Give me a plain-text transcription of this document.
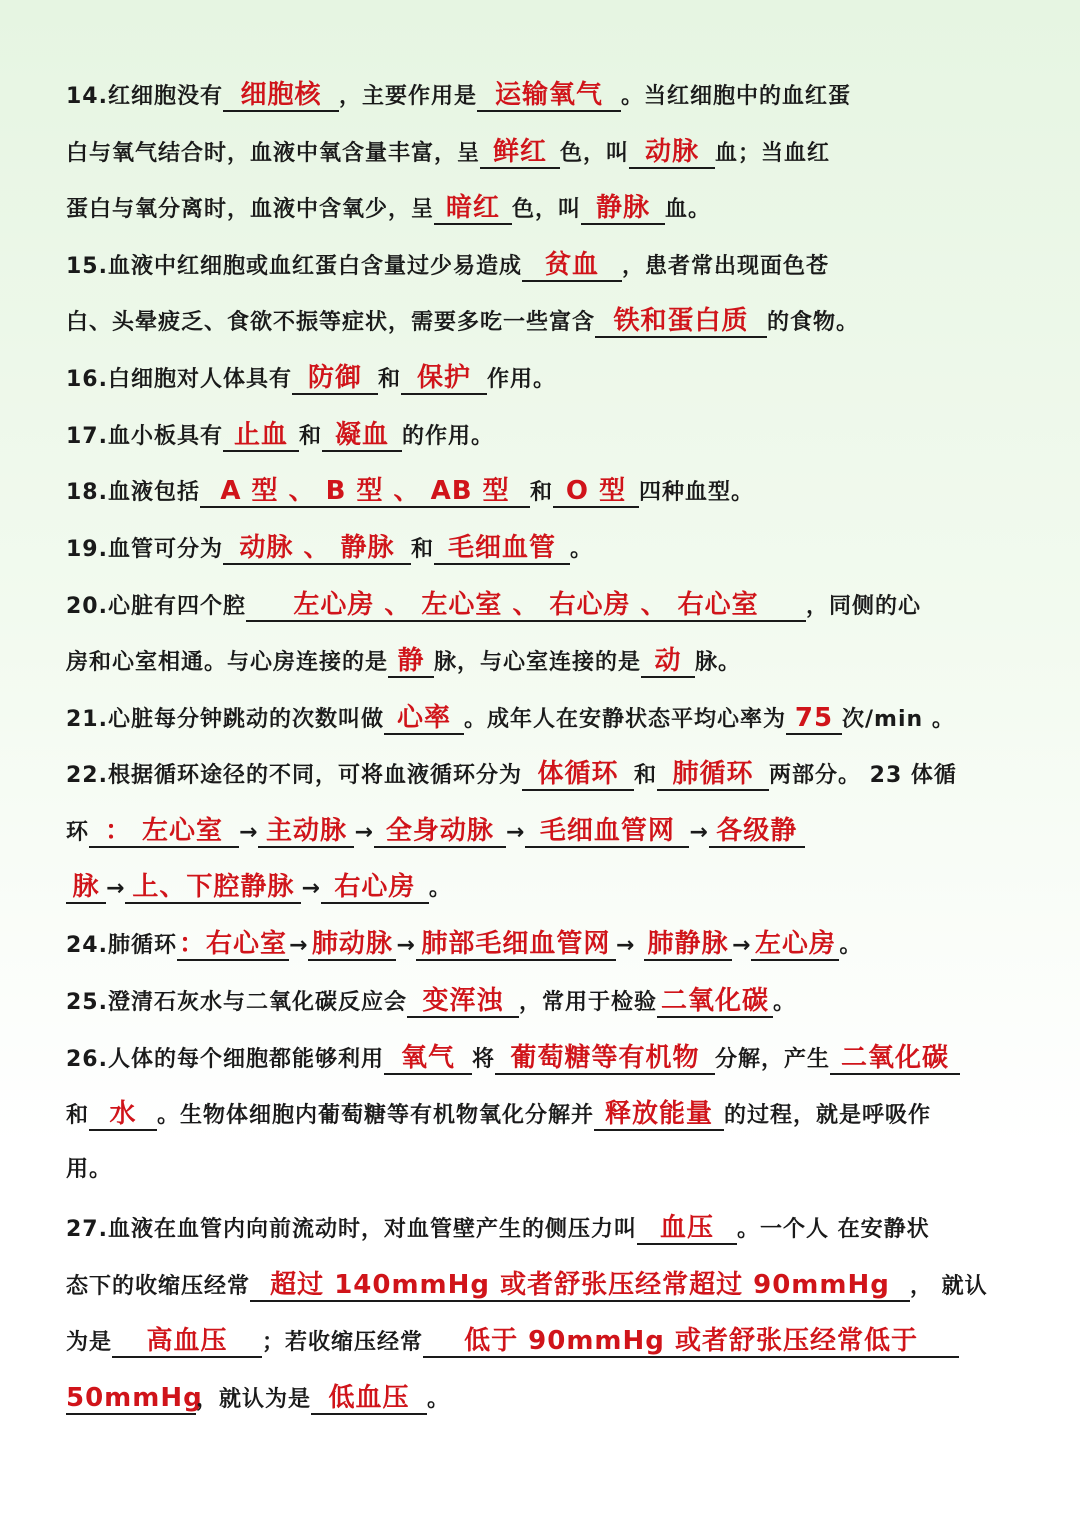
14.红细胞没有 细胞核 ，主要作用是 运输氧气 。当红细胞中的血红蛋
白与氧气结合时，血液中氧含量丰富，呈 鲜红 色，叫 动脉 血；当血红
蛋白与氧分离时，血液中含氧少，呈 暗红 色，叫 静脉 血。
15.血液中红细胞或血红蛋白含量过少易造成 贫血 ，患者常出现面色苍
白、头晕疲乏、食欲不振等症状，需要多吃一些富含 铁和蛋白质 的食物。
16.白细胞对人体具有 防御 和 保护 作用。
17.血小板具有 止血 和 凝血 的作用。
18.血液包括 A 型 、 B 型 、 AB 型 和 O 型 四种血型。
19.血管可分为 动脉 、 静脉 和 毛细血管 。
20.心脏有四个腔 左心房 、 左心室 、 右心房 、 右心室 ，同侧的心
房和心室相通。与心房连接的是 静 脉，与心室连接的是 动 脉。
21.心脏每分钟跳动的次数叫做 心率 。成年人在安静状态平均心率为 75 次/min 。
22.根据循环途径的不同，可将血液循环分为 体循环 和 肺循环 两部分。 23 体循
环 ： 左心室 → 主动脉 → 全身动脉 → 毛细血管网 → 各级静
脉 → 上、下腔静脉 → 右心房 。
24.肺循环：右心室→ 肺动脉 → 肺部毛细血管网 → 肺静脉 → 左心房 。
25.澄清石灰水与二氧化碳反应会 变浑浊 ，常用于检验 二氧化碳 。
26.人体的每个细胞都能够利用 氧气 将 葡萄糖等有机物 分解，产生 二氧化碳
和 水 。生物体细胞内葡萄糖等有机物氧化分解并 释放能量 的过程，就是呼吸作
用。
27.血液在血管内向前流动时，对血管壁产生的侧压力叫 血压 。一个人 在安静状
态下的收缩压经常 超过 140mmHg 或者舒张压经常超过 90mmHg ， 就认
为是 高血压 ；若收缩压经常 低于 90mmHg 或者舒张压经常低于
50mmHg，就认为是 低血压 。
